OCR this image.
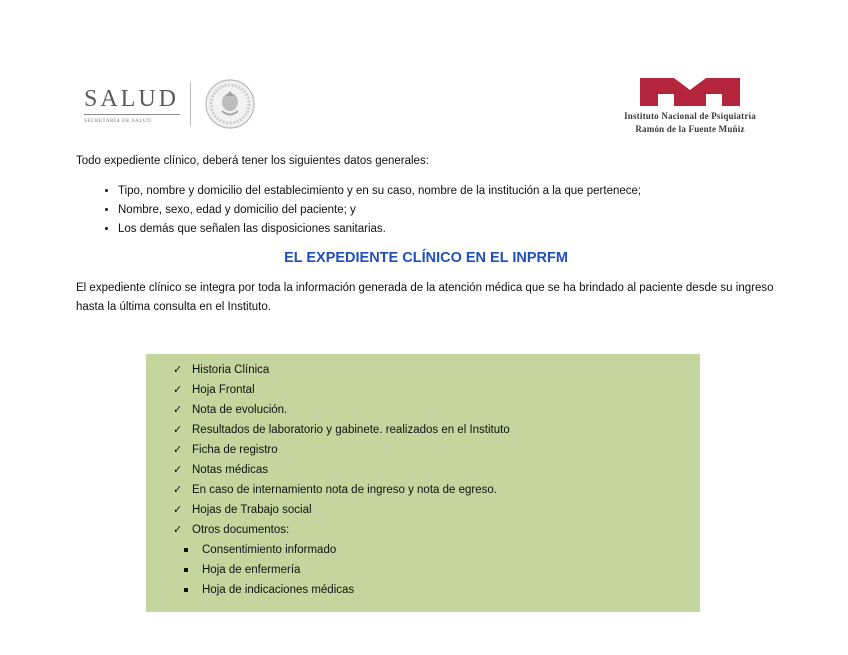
SALUD
SECRETARÍA DE SALUD
Instituto Nacional de Psiquiatría
Ramón de la Fuente Muñiz

Todo expediente clínico, deberá tener los siguientes datos generales:

• Tipo, nombre y domicilio del establecimiento y en su caso, nombre de la institución a la que pertenece;
• Nombre, sexo, edad y domicilio del paciente; y
• Los demás que señalen las disposiciones sanitarias.
EL EXPEDIENTE CLÍNICO EN EL INPRFM

El expediente clínico se integra por toda la información generada de la atención médica que se ha brindado al paciente desde su ingreso hasta la última consulta en el Instituto.

✓ Historia Clínica
✓ Hoja Frontal
✓ Nota de evolución.
✓ Resultados de laboratorio y gabinete. realizados en el Instituto
✓ Ficha de registro
✓ Notas médicas
✓ En caso de internamiento nota de ingreso y nota de egreso.
✓ Hojas de Trabajo social
✓ Otros documentos:
Consentimiento informado
Hoja de enfermería
Hoja de indicaciones médicas
